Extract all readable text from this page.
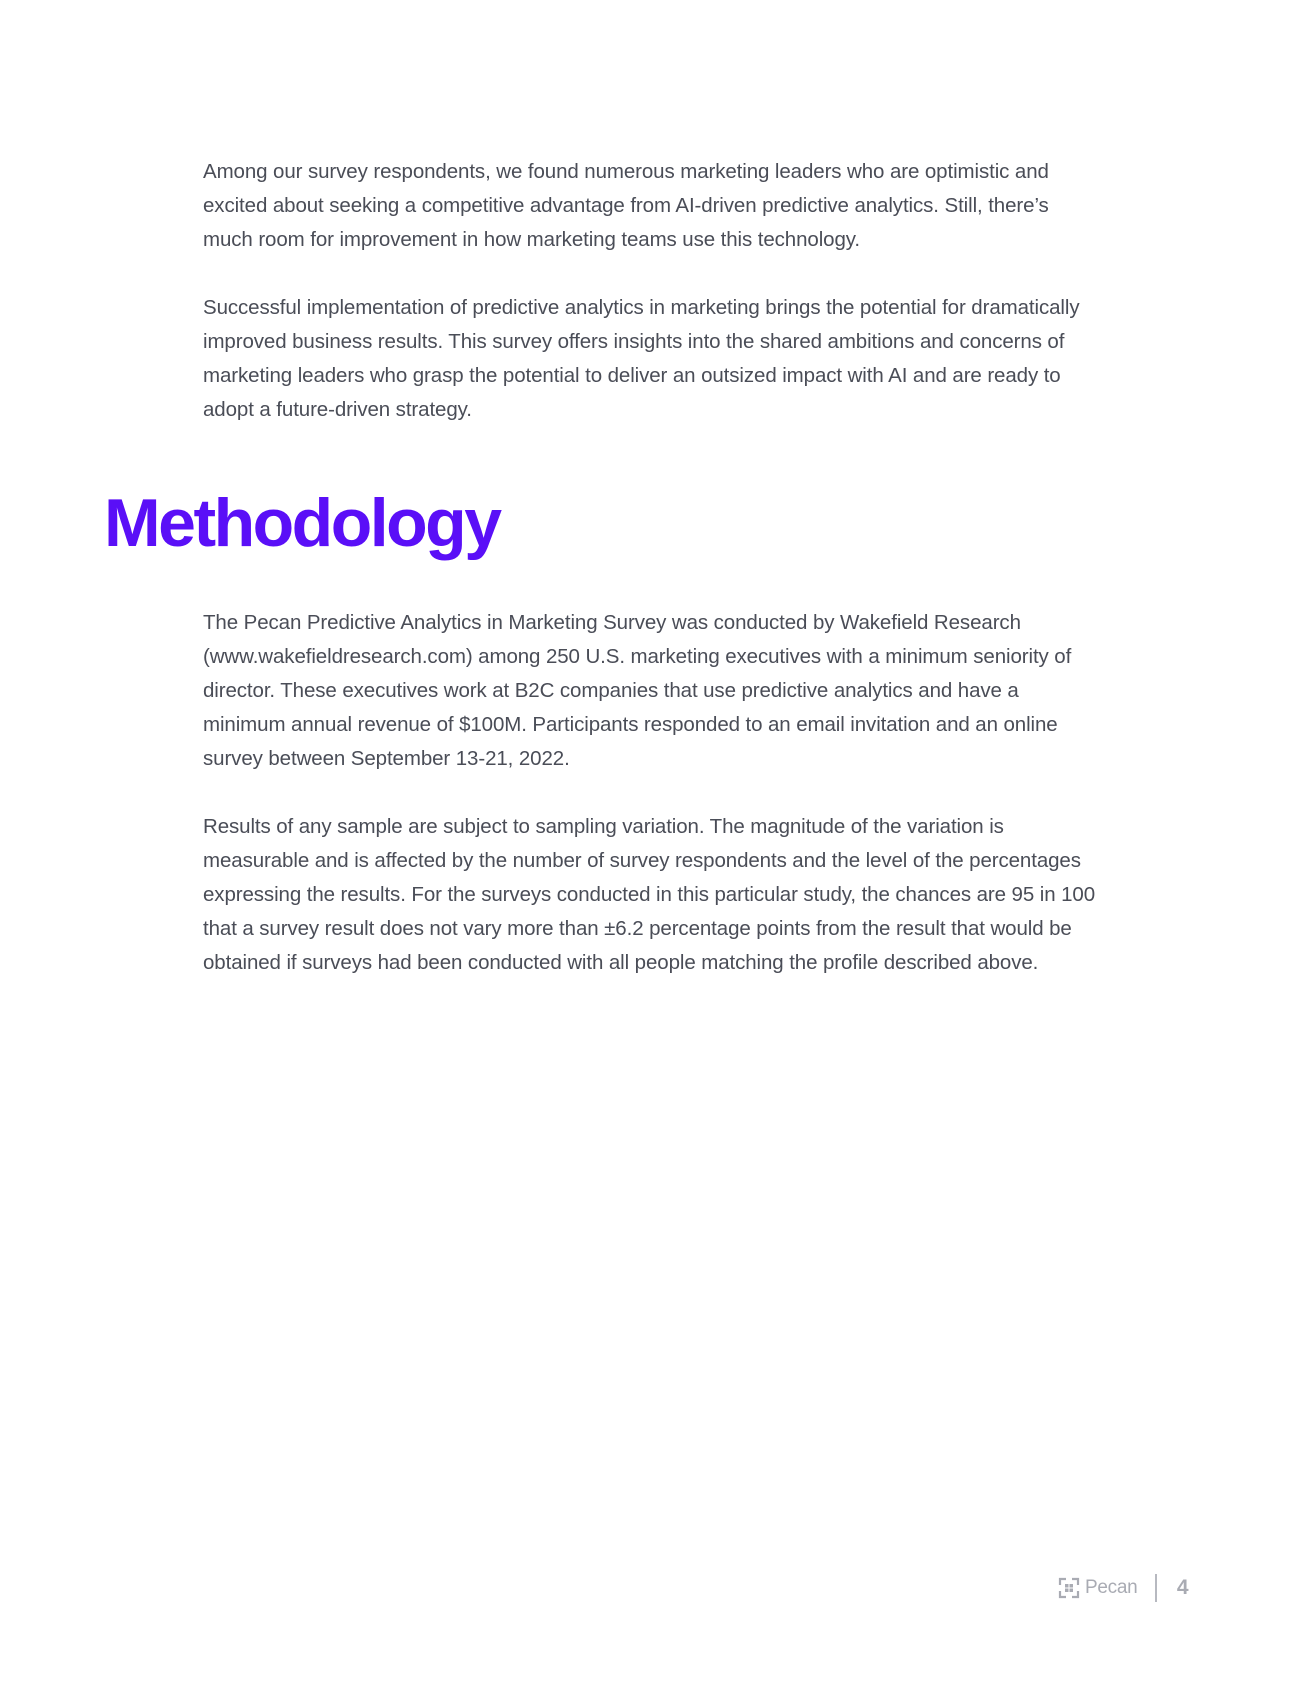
Among our survey respondents, we found numerous marketing leaders who are optimistic and excited about seeking a competitive advantage from AI-driven predictive analytics. Still, there’s much room for improvement in how marketing teams use this technology.

Successful implementation of predictive analytics in marketing brings the potential for dramatically improved business results. This survey offers insights into the shared ambitions and concerns of marketing leaders who grasp the potential to deliver an outsized impact with AI and are ready to adopt a future-driven strategy.

Methodology

The Pecan Predictive Analytics in Marketing Survey was conducted by Wakefield Research (www.wakefieldresearch.com) among 250 U.S. marketing executives with a minimum seniority of director. These executives work at B2C companies that use predictive analytics and have a minimum annual revenue of $100M. Participants responded to an email invitation and an online survey between September 13-21, 2022.

Results of any sample are subject to sampling variation. The magnitude of the variation is measurable and is affected by the number of survey respondents and the level of the percentages expressing the results. For the surveys conducted in this particular study, the chances are 95 in 100 that a survey result does not vary more than ±6.2 percentage points from the result that would be obtained if surveys had been conducted with all people matching the profile described above.

Pecan 4
